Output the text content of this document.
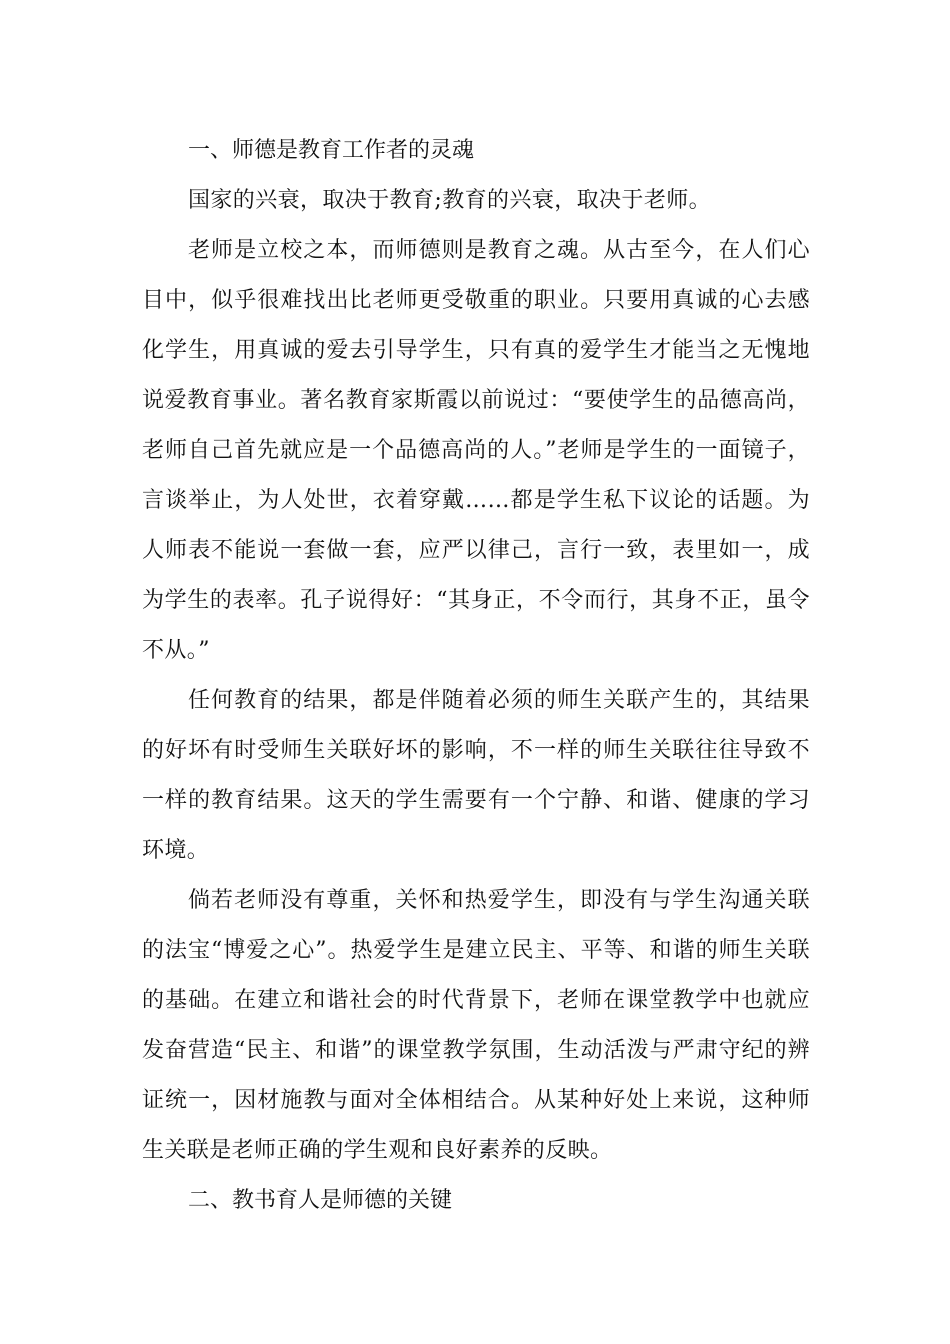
一、师德是教育工作者的灵魂

国家的兴衰，取决于教育;教育的兴衰，取决于老师。

老师是立校之本，而师德则是教育之魂。从古至今，在人们心目中，似乎很难找出比老师更受敬重的职业。只要用真诚的心去感化学生，用真诚的爱去引导学生，只有真的爱学生才能当之无愧地说爱教育事业。著名教育家斯霞以前说过：“要使学生的品德高尚，老师自己首先就应是一个品德高尚的人。”老师是学生的一面镜子，言谈举止，为人处世，衣着穿戴……都是学生私下议论的话题。为人师表不能说一套做一套，应严以律己，言行一致，表里如一，成为学生的表率。孔子说得好：“其身正，不令而行，其身不正，虽令不从。”

任何教育的结果，都是伴随着必须的师生关联产生的，其结果的好坏有时受师生关联好坏的影响，不一样的师生关联往往导致不一样的教育结果。这天的学生需要有一个宁静、和谐、健康的学习环境。

倘若老师没有尊重，关怀和热爱学生，即没有与学生沟通关联的法宝“博爱之心”。热爱学生是建立民主、平等、和谐的师生关联的基础。在建立和谐社会的时代背景下，老师在课堂教学中也就应发奋营造“民主、和谐”的课堂教学氛围，生动活泼与严肃守纪的辨证统一，因材施教与面对全体相结合。从某种好处上来说，这种师生关联是老师正确的学生观和良好素养的反映。

二、教书育人是师德的关键
